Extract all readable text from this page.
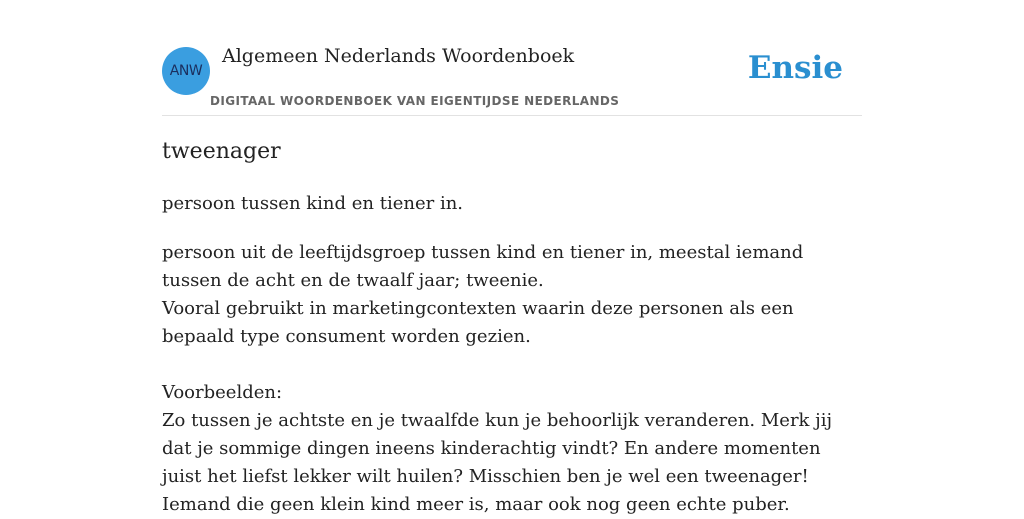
ANW
Algemeen Nederlands Woordenboek
DIGITAAL WOORDENBOEK VAN EIGENTIJDSE NEDERLANDS
Ensie
tweenager
persoon tussen kind en tiener in.

persoon uit de leeftijdsgroep tussen kind en tiener in, meestal iemand tussen de acht en de twaalf jaar; tweenie.

Vooral gebruikt in marketingcontexten waarin deze personen als een bepaald type consument worden gezien.

Voorbeelden:

Zo tussen je achtste en je twaalfde kun je behoorlijk veranderen. Merk jij dat je sommige dingen ineens kinderachtig vindt? En andere momenten juist het liefst lekker wilt huilen? Misschien ben je wel een tweenager! Iemand die geen klein kind meer is, maar ook nog geen echte puber.
